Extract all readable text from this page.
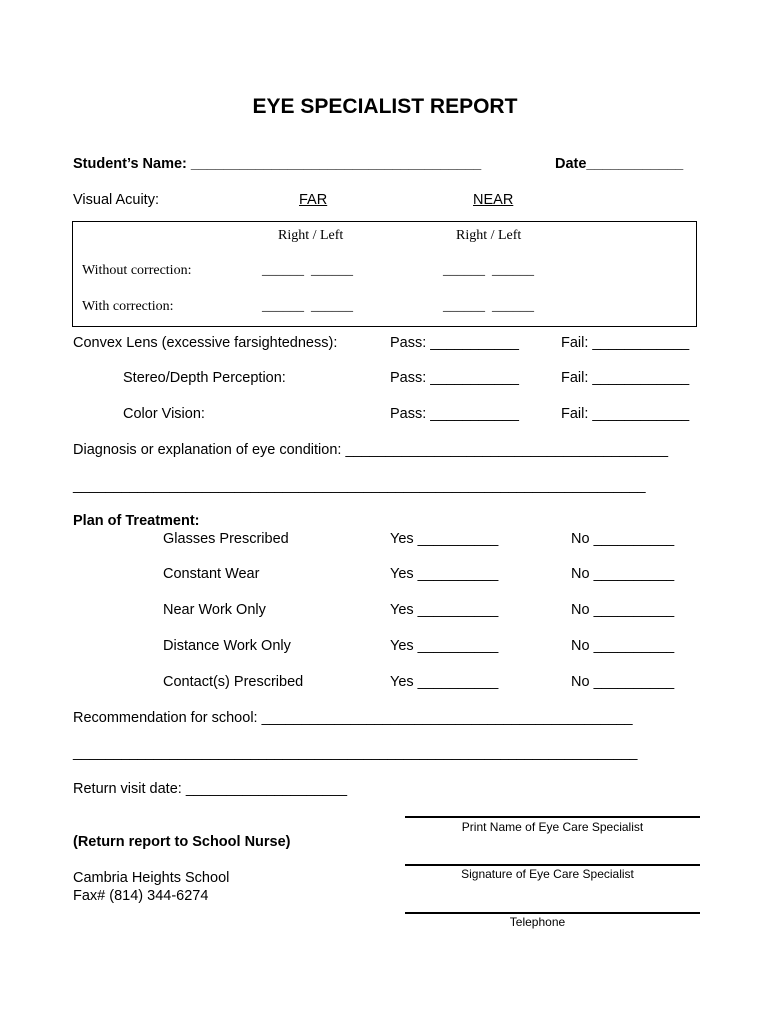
EYE SPECIALIST REPORT
Student’s Name: ____________________________________	Date____________
Visual Acuity:	FAR	NEAR
Right / Left	Right / Left
Without correction:	______  ______	______  ______
With correction:	______  ______	______  ______
Convex Lens (excessive farsightedness):	Pass: ___________	Fail: ____________
Stereo/Depth Perception:	Pass: ___________	Fail: ____________
Color Vision:	Pass: ___________	Fail: ____________
Diagnosis or explanation of eye condition: ________________________________________
_______________________________________________________________________
Plan of Treatment:
Glasses Prescribed	Yes __________	No __________
Constant Wear	Yes __________	No __________
Near Work Only	Yes __________	No __________
Distance Work Only	Yes __________	No __________
Contact(s) Prescribed	Yes __________	No __________
Recommendation for school: ______________________________________________
______________________________________________________________________
Return visit date: ____________________
Print Name of Eye Care Specialist
(Return report to School Nurse)
Signature of Eye Care Specialist
Cambria Heights School
Fax# (814) 344-6274
Telephone
